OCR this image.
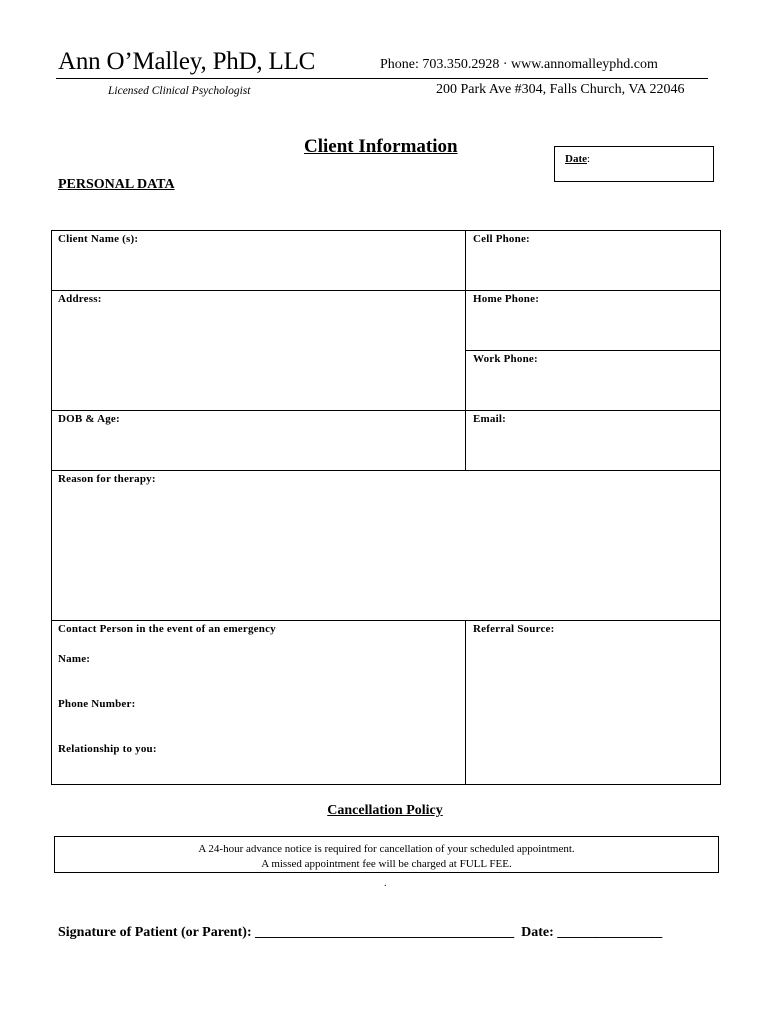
Ann O’Malley, PhD, LLC	Phone: 703.350.2928 · www.annomalleyphd.com
Licensed Clinical Psychologist	200 Park Ave #304, Falls Church, VA 22046
Client Information
Date:
PERSONAL DATA
Client Name (s):	Cell Phone:
Address:	Home Phone:
Work Phone:
DOB & Age:	Email:
Reason for therapy:
Contact Person in the event of an emergency
Name:
Phone Number:
Relationship to you:
Referral Source:
Cancellation Policy
A 24-hour advance notice is required for cancellation of your scheduled appointment.
A missed appointment fee will be charged at FULL FEE.
.
Signature of Patient (or Parent): _____________________________________  Date: _______________
